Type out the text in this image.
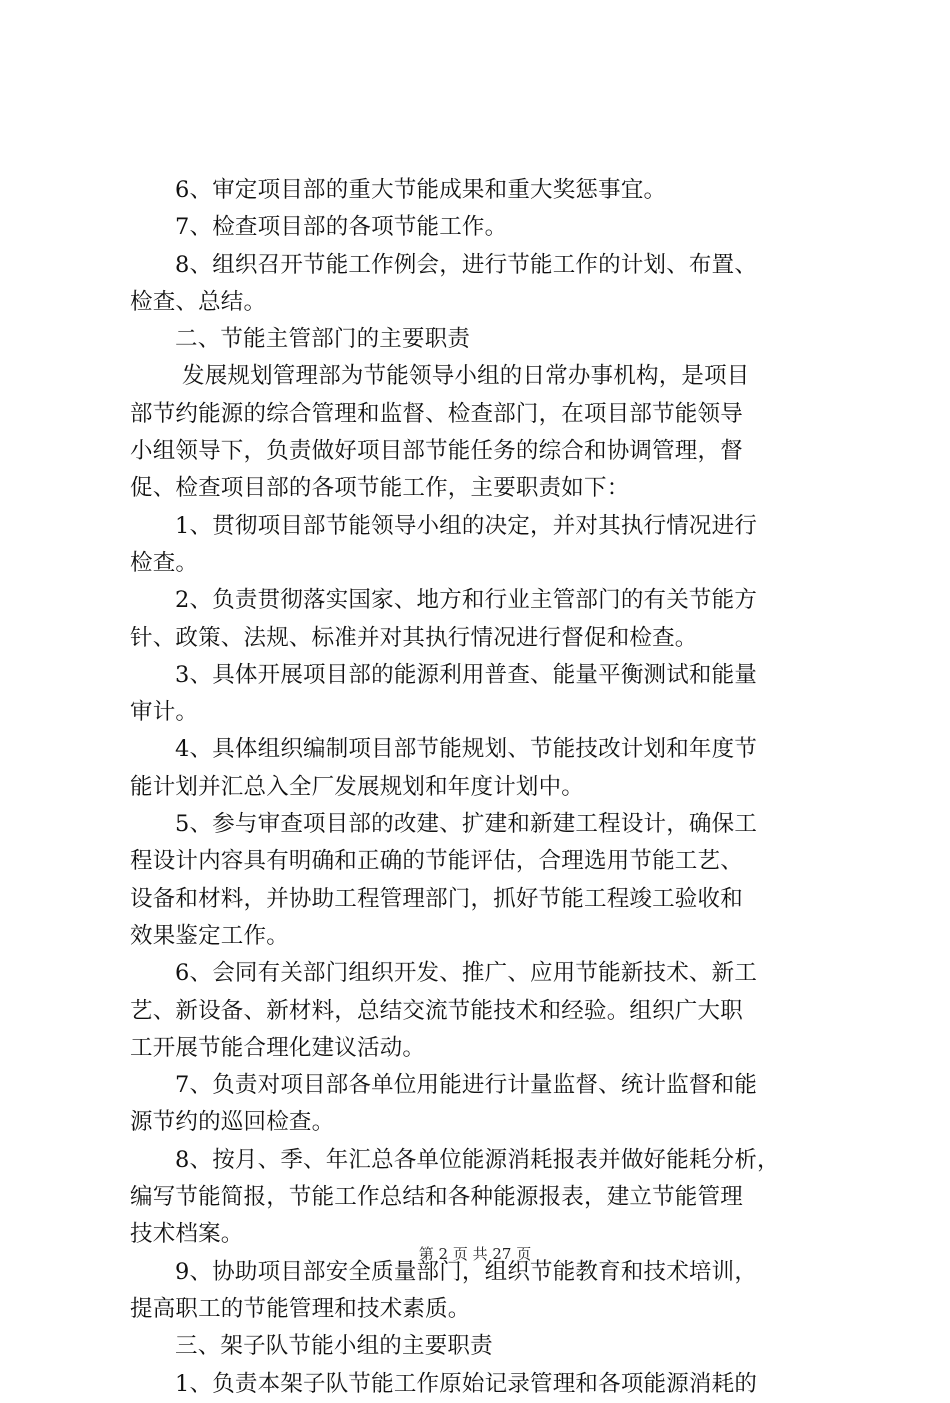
6、审定项目部的重大节能成果和重大奖惩事宜。

7、检查项目部的各项节能工作。

8、组织召开节能工作例会，进行节能工作的计划、布置、
检查、总结。

二、节能主管部门的主要职责

发展规划管理部为节能领导小组的日常办事机构，是项目
部节约能源的综合管理和监督、检查部门，在项目部节能领导
小组领导下，负责做好项目部节能任务的综合和协调管理，督
促、检查项目部的各项节能工作，主要职责如下：

1、贯彻项目部节能领导小组的决定，并对其执行情况进行
检查。

2、负责贯彻落实国家、地方和行业主管部门的有关节能方
针、政策、法规、标准并对其执行情况进行督促和检查。

3、具体开展项目部的能源利用普查、能量平衡测试和能量
审计。

4、具体组织编制项目部节能规划、节能技改计划和年度节
能计划并汇总入全厂发展规划和年度计划中。

5、参与审查项目部的改建、扩建和新建工程设计，确保工
程设计内容具有明确和正确的节能评估，合理选用节能工艺、
设备和材料，并协助工程管理部门，抓好节能工程竣工验收和
效果鉴定工作。

6、会同有关部门组织开发、推广、应用节能新技术、新工
艺、新设备、新材料，总结交流节能技术和经验。组织广大职
工开展节能合理化建议活动。

7、负责对项目部各单位用能进行计量监督、统计监督和能
源节约的巡回检查。

8、按月、季、年汇总各单位能源消耗报表并做好能耗分析，
编写节能简报，节能工作总结和各种能源报表，建立节能管理
技术档案。

9、协助项目部安全质量部门，组织节能教育和技术培训，
提高职工的节能管理和技术素质。

三、架子队节能小组的主要职责

1、负责本架子队节能工作原始记录管理和各项能源消耗的

第 2 页 共 27 页
